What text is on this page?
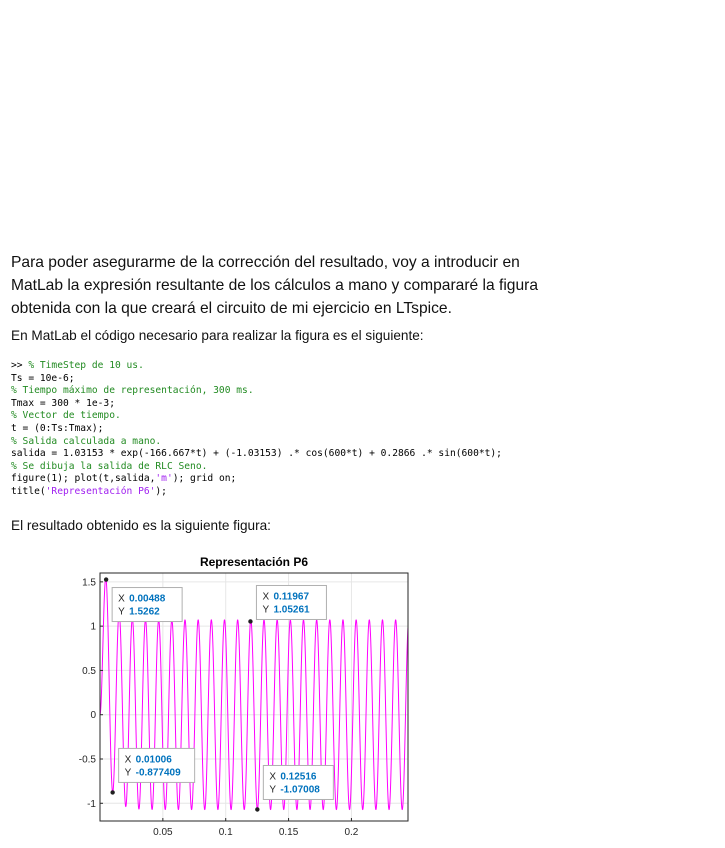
Para poder asegurarme de la corrección del resultado, voy a introducir en
MatLab la expresión resultante de los cálculos a mano y compararé la figura
obtenida con la que creará el circuito de mi ejercicio en LTspice.
En MatLab el código necesario para realizar la figura es el siguiente:
>> % TimeStep de 10 us.
Ts = 10e-6;
% Tiempo máximo de representación, 300 ms.
Tmax = 300 * 1e-3;
% Vector de tiempo.
t = (0:Ts:Tmax);
% Salida calculada a mano.
salida = 1.03153 * exp(-166.667*t) + (-1.03153) .* cos(600*t) + 0.2866 .* sin(600*t);
% Se dibuja la salida de RLC Seno.
figure(1); plot(t,salida,'m'); grid on;
title('Representación P6');
El resultado obtenido es la siguiente figura:
0.05	0.1	0.15	0.2
-1
-0.5
0
0.5
1
1.5
Representación P6
X 0.00488
Y 1.5262
X 0.11967
Y 1.05261
X 0.01006
Y -0.877409	X 0.12516
Y -1.07008
